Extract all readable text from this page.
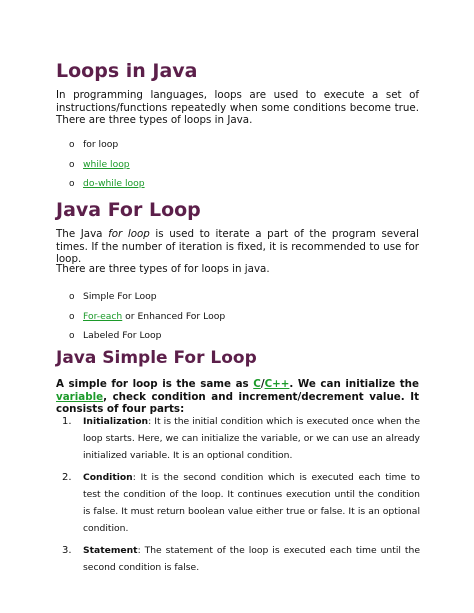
Loops in Java

In programming languages, loops are used to execute a set of instructions/functions repeatedly when some conditions become true. There are three types of loops in Java.

o for loop
o while loop
o do-while loop
Java For Loop

The Java for loop is used to iterate a part of the program several times. If the number of iteration is fixed, it is recommended to use for loop.

There are three types of for loops in java.

o Simple For Loop
o For-each or Enhanced For Loop
o Labeled For Loop
Java Simple For Loop

A simple for loop is the same as C/C++. We can initialize the variable, check condition and increment/decrement value. It consists of four parts:

1. Initialization: It is the initial condition which is executed once when the loop starts. Here, we can initialize the variable, or we can use an already initialized variable. It is an optional condition.
2. Condition: It is the second condition which is executed each time to test the condition of the loop. It continues execution until the condition is false. It must return boolean value either true or false. It is an optional condition.
3. Statement: The statement of the loop is executed each time until the second condition is false.
